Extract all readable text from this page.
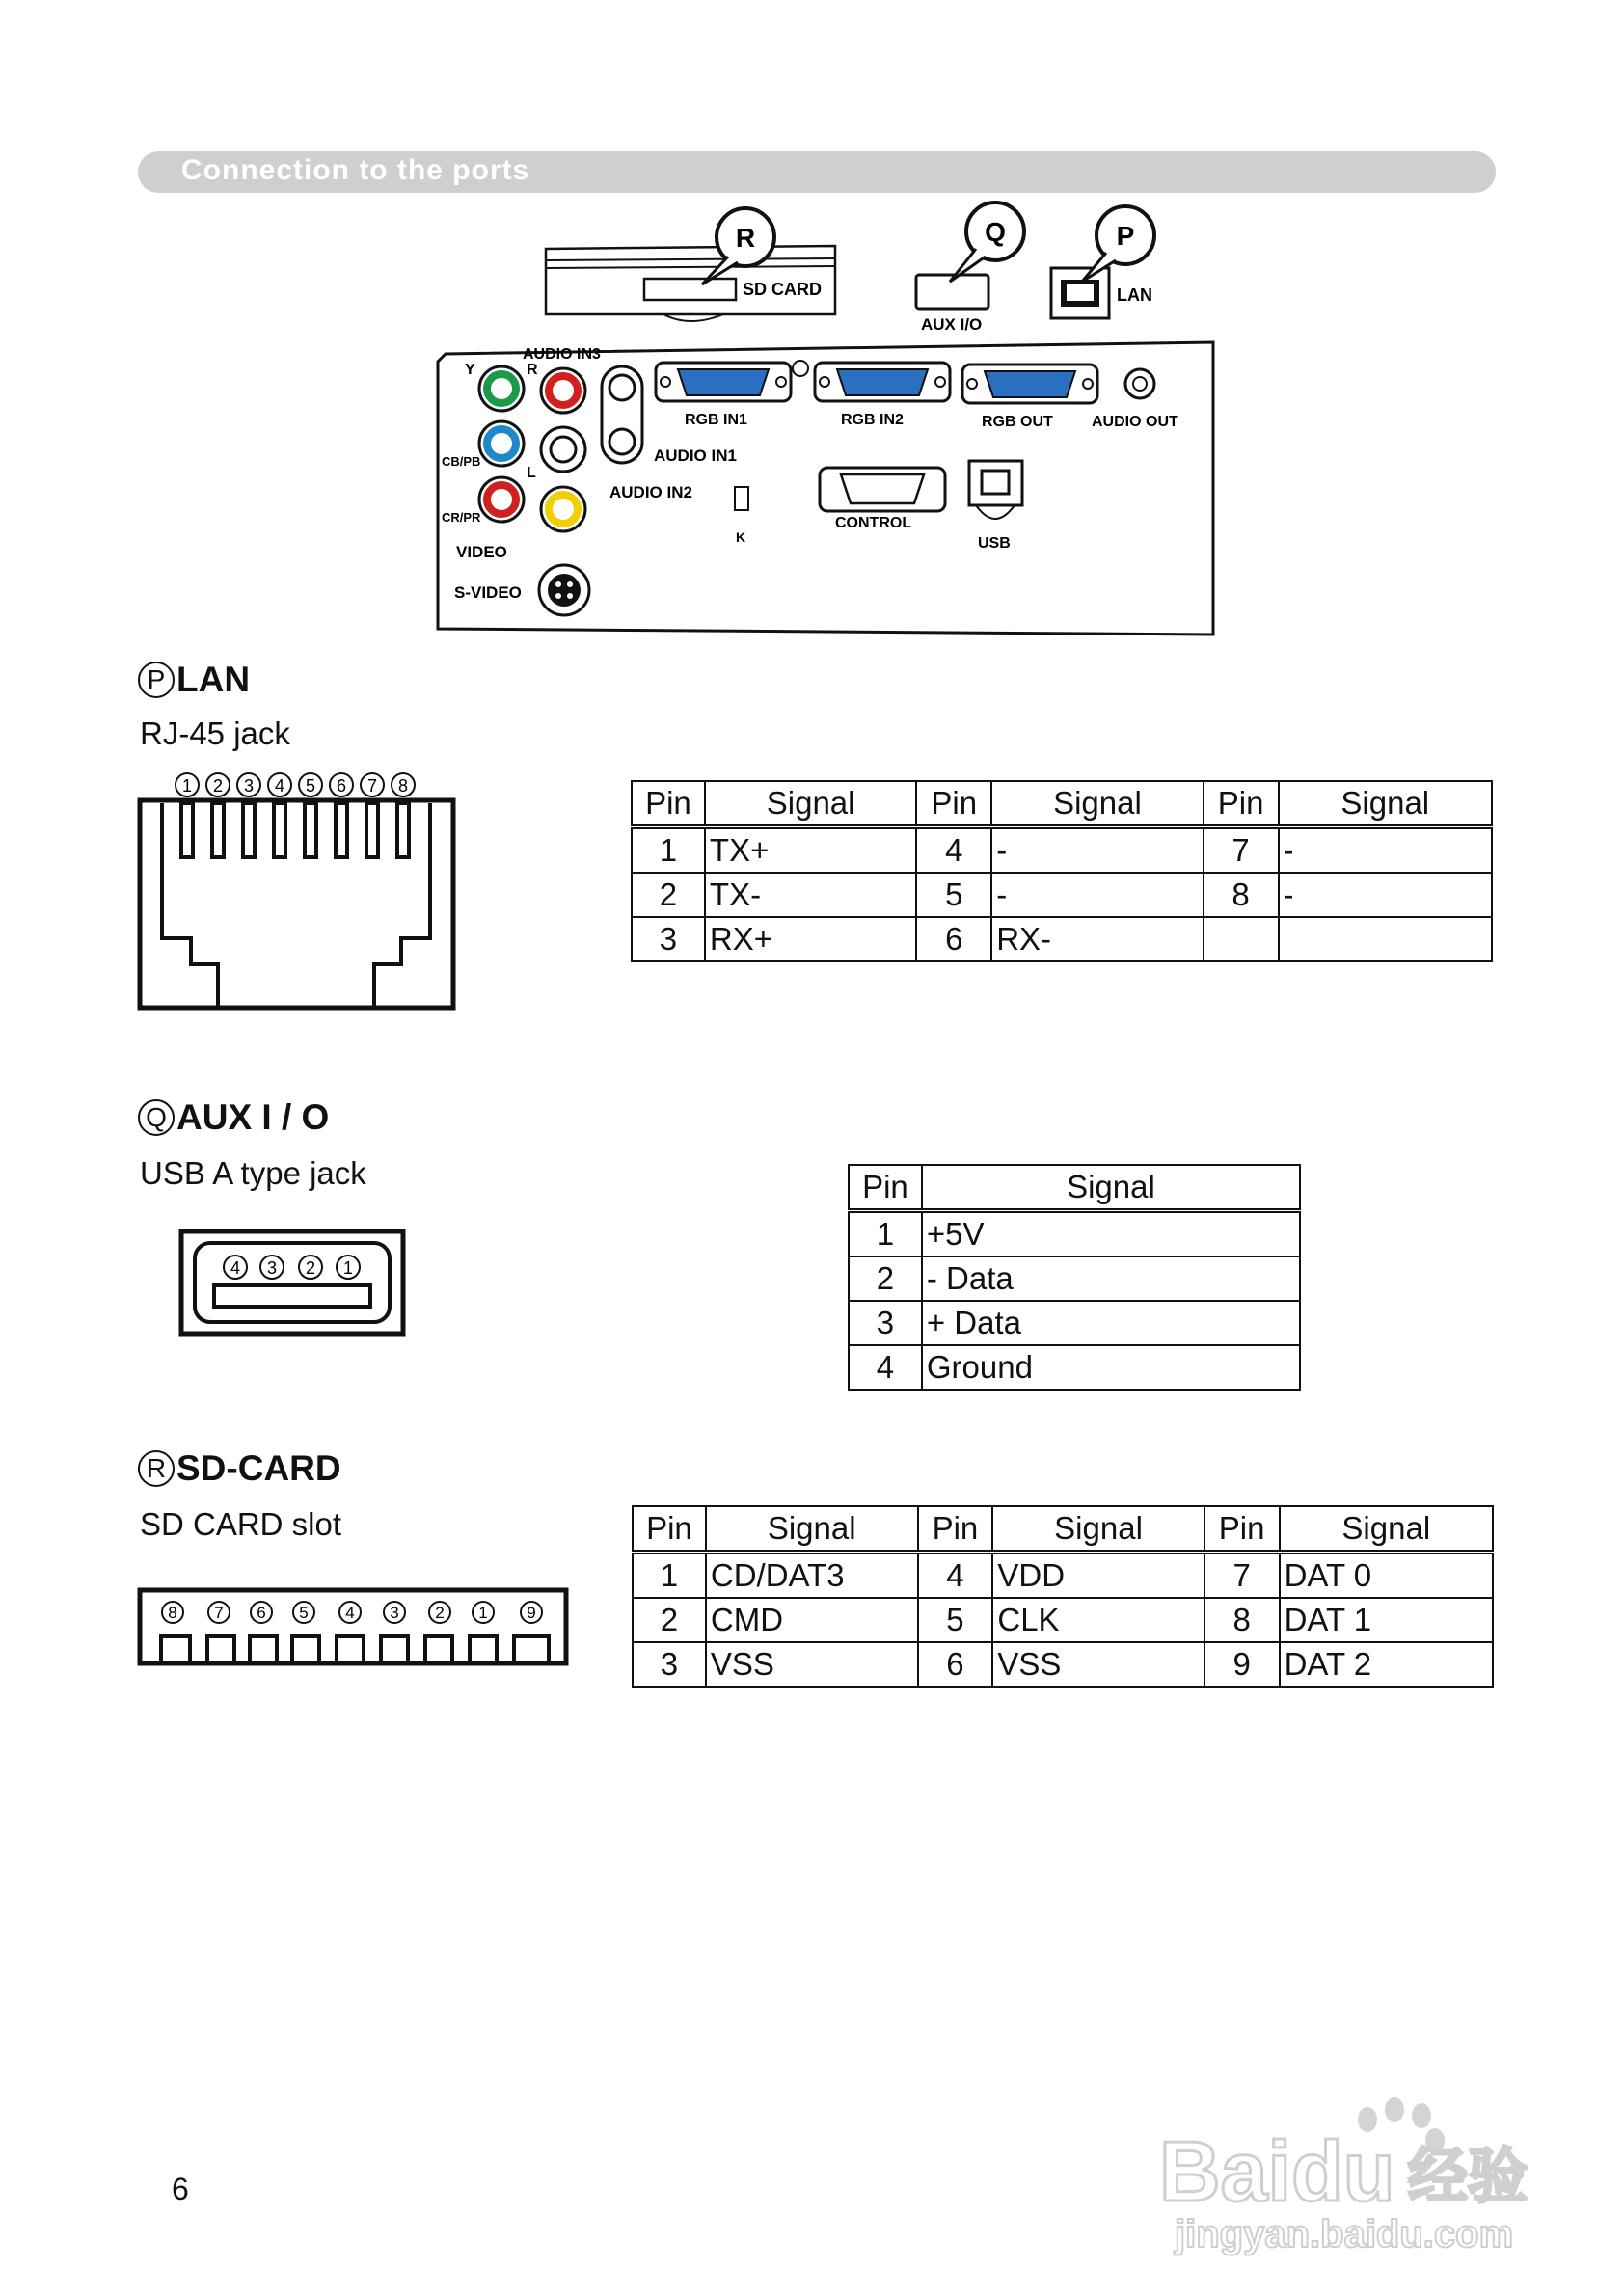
Connection to the ports
SD CARD
R
AUX I/O
Q
LAN
P
AUDIO IN3
Y	R
CB/PB
CR/PR
L
AUDIO IN1
AUDIO IN2
VIDEO
S-VIDEO
RGB IN1	RGB IN2	RGB OUT	AUDIO OUT
CONTROL
USB
K
P LAN
RJ-45 jack
1 2 3 4 5 6 7 8	Pin	Signal	Pin	Signal	Pin	Signal
1	TX+	4	-	7	-
2	TX-	5	-	8	-
3	RX+	6	RX-		
Q AUX I / O
USB A type jack
4 3 2 1
Pin	Signal
1	+5V
2	- Data
3	+ Data
4	Ground
R SD-CARD
SD CARD slot
8 7 6 5 4 3 2 1 9
Pin	Signal	Pin	Signal	Pin	Signal
1	CD/DAT3	4	VDD	7	DAT 0
2	CMD	5	CLK	8	DAT 1
3	VSS	6	VSS	9	DAT 2
6	Baidu 经验
jingyan.baidu.com
